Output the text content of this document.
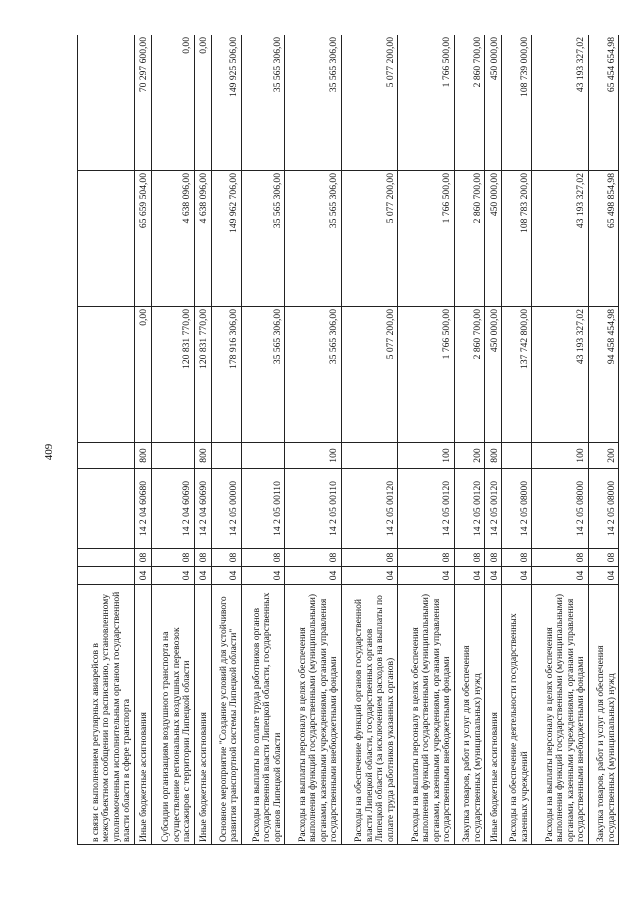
409
в связи с выполнением регулярных авиарейсов в межсубъектном сообщении по расписанию, установленному уполномоченным исполнительным органом государственной власти области в сфере транспорта							
Иные бюджетные ассигнования	04	08	14 2 04 60680	800	0,00	65 659 504,00	70 297 600,00
Субсидии организациям воздушного транспорта на осуществление региональных воздушных перевозок пассажиров с территории Липецкой области	04	08	14 2 04 60690		120 831 770,00	4 638 096,00	0,00
Иные бюджетные ассигнования	04	08	14 2 04 60690	800	120 831 770,00	4 638 096,00	0,00
Основное мероприятие "Создание условий для устойчивого развития транспортной системы Липецкой области"	04	08	14 2 05 00000		178 916 306,00	149 962 706,00	149 925 506,00
Расходы на выплаты по оплате труда работников органов государственной власти Липецкой области, государственных органов Липецкой области	04	08	14 2 05 00110		35 565 306,00	35 565 306,00	35 565 306,00
Расходы на выплаты персоналу в целях обеспечения выполнения функций государственными (муниципальными) органами, казенными учреждениями, органами управления государственными внебюджетными фондами	04	08	14 2 05 00110	100	35 565 306,00	35 565 306,00	35 565 306,00
Расходы на обеспечение функций органов государственной власти Липецкой области, государственных органов Липецкой области (за исключением расходов на выплаты по оплате труда работников указанных органов)	04	08	14 2 05 00120		5 077 200,00	5 077 200,00	5 077 200,00
Расходы на выплаты персоналу в целях обеспечения выполнения функций государственными (муниципальными) органами, казенными учреждениями, органами управления государственными внебюджетными фондами	04	08	14 2 05 00120	100	1 766 500,00	1 766 500,00	1 766 500,00
Закупка товаров, работ и услуг для обеспечения государственных (муниципальных) нужд	04	08	14 2 05 00120	200	2 860 700,00	2 860 700,00	2 860 700,00
Иные бюджетные ассигнования	04	08	14 2 05 00120	800	450 000,00	450 000,00	450 000,00
Расходы на обеспечение деятельности государственных казенных учреждений	04	08	14 2 05 08000		137 742 800,00	108 783 200,00	108 739 000,00
Расходы на выплаты персоналу в целях обеспечения выполнения функций государственными (муниципальными) органами, казенными учреждениями, органами управления государственными внебюджетными фондами	04	08	14 2 05 08000	100	43 193 327,02	43 193 327,02	43 193 327,02
Закупка товаров, работ и услуг для обеспечения государственных (муниципальных) нужд	04	08	14 2 05 08000	200	94 458 454,98	65 498 854,98	65 454 654,98
